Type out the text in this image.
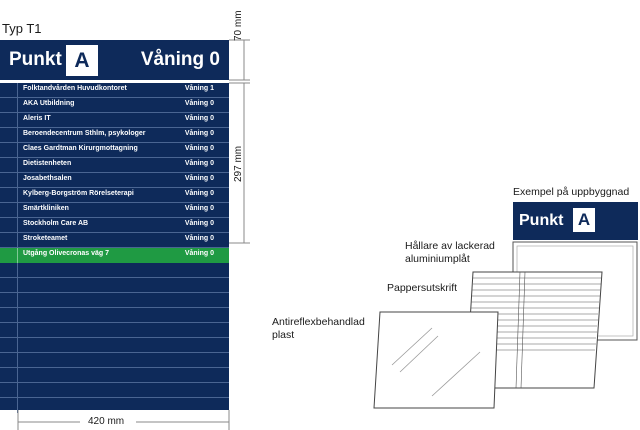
Typ T1
Punkt A	Våning 0
Folktandvården Huvudkontoret	Våning 1
AKA Utbildning	Våning 0
Aleris IT	Våning 0
Beroendecentrum Sthlm, psykologer	Våning 0
Claes Gardtman Kirurgmottagning	Våning 0
Dietistenheten	Våning 0
Josabethsalen	Våning 0
Kylberg-Borgström Rörelseterapi	Våning 0
Smärtkliniken	Våning 0
Stockholm Care AB	Våning 0
Stroketeamet	Våning 0
Utgång Olivecronas väg 7	Våning 0
70 mm
297 mm
420 mm
Exempel på uppbyggnad
Punkt A
Hållare av lackerad aluminiumplåt
Pappersutskrift
Antireflexbehandlad plast
